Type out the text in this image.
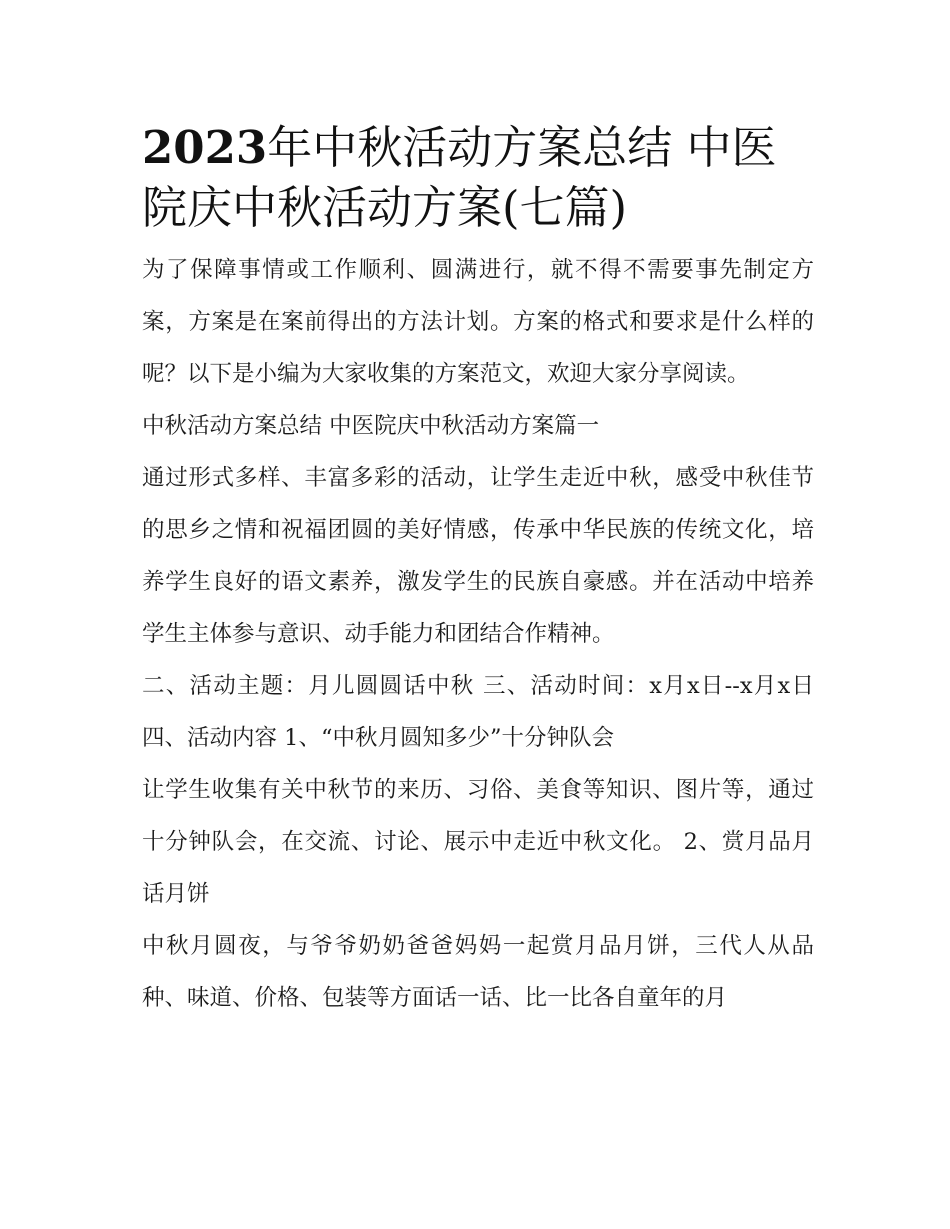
2023年中秋活动方案总结 中医院庆中秋活动方案(七篇)

为了保障事情或工作顺利、圆满进行，就不得不需要事先制定方案，方案是在案前得出的方法计划。方案的格式和要求是什么样的呢？以下是小编为大家收集的方案范文，欢迎大家分享阅读。

中秋活动方案总结 中医院庆中秋活动方案篇一

通过形式多样、丰富多彩的活动，让学生走近中秋，感受中秋佳节的思乡之情和祝福团圆的美好情感，传承中华民族的传统文化，培养学生良好的语文素养，激发学生的民族自豪感。并在活动中培养学生主体参与意识、动手能力和团结合作精神。

二、活动主题：月儿圆圆话中秋 三、活动时间：x月x日--x月x日 四、活动内容 1、“中秋月圆知多少”十分钟队会

让学生收集有关中秋节的来历、习俗、美食等知识、图片等，通过十分钟队会，在交流、讨论、展示中走近中秋文化。 2、赏月品月话月饼

中秋月圆夜，与爷爷奶奶爸爸妈妈一起赏月品月饼，三代人从品种、味道、价格、包装等方面话一话、比一比各自童年的月
